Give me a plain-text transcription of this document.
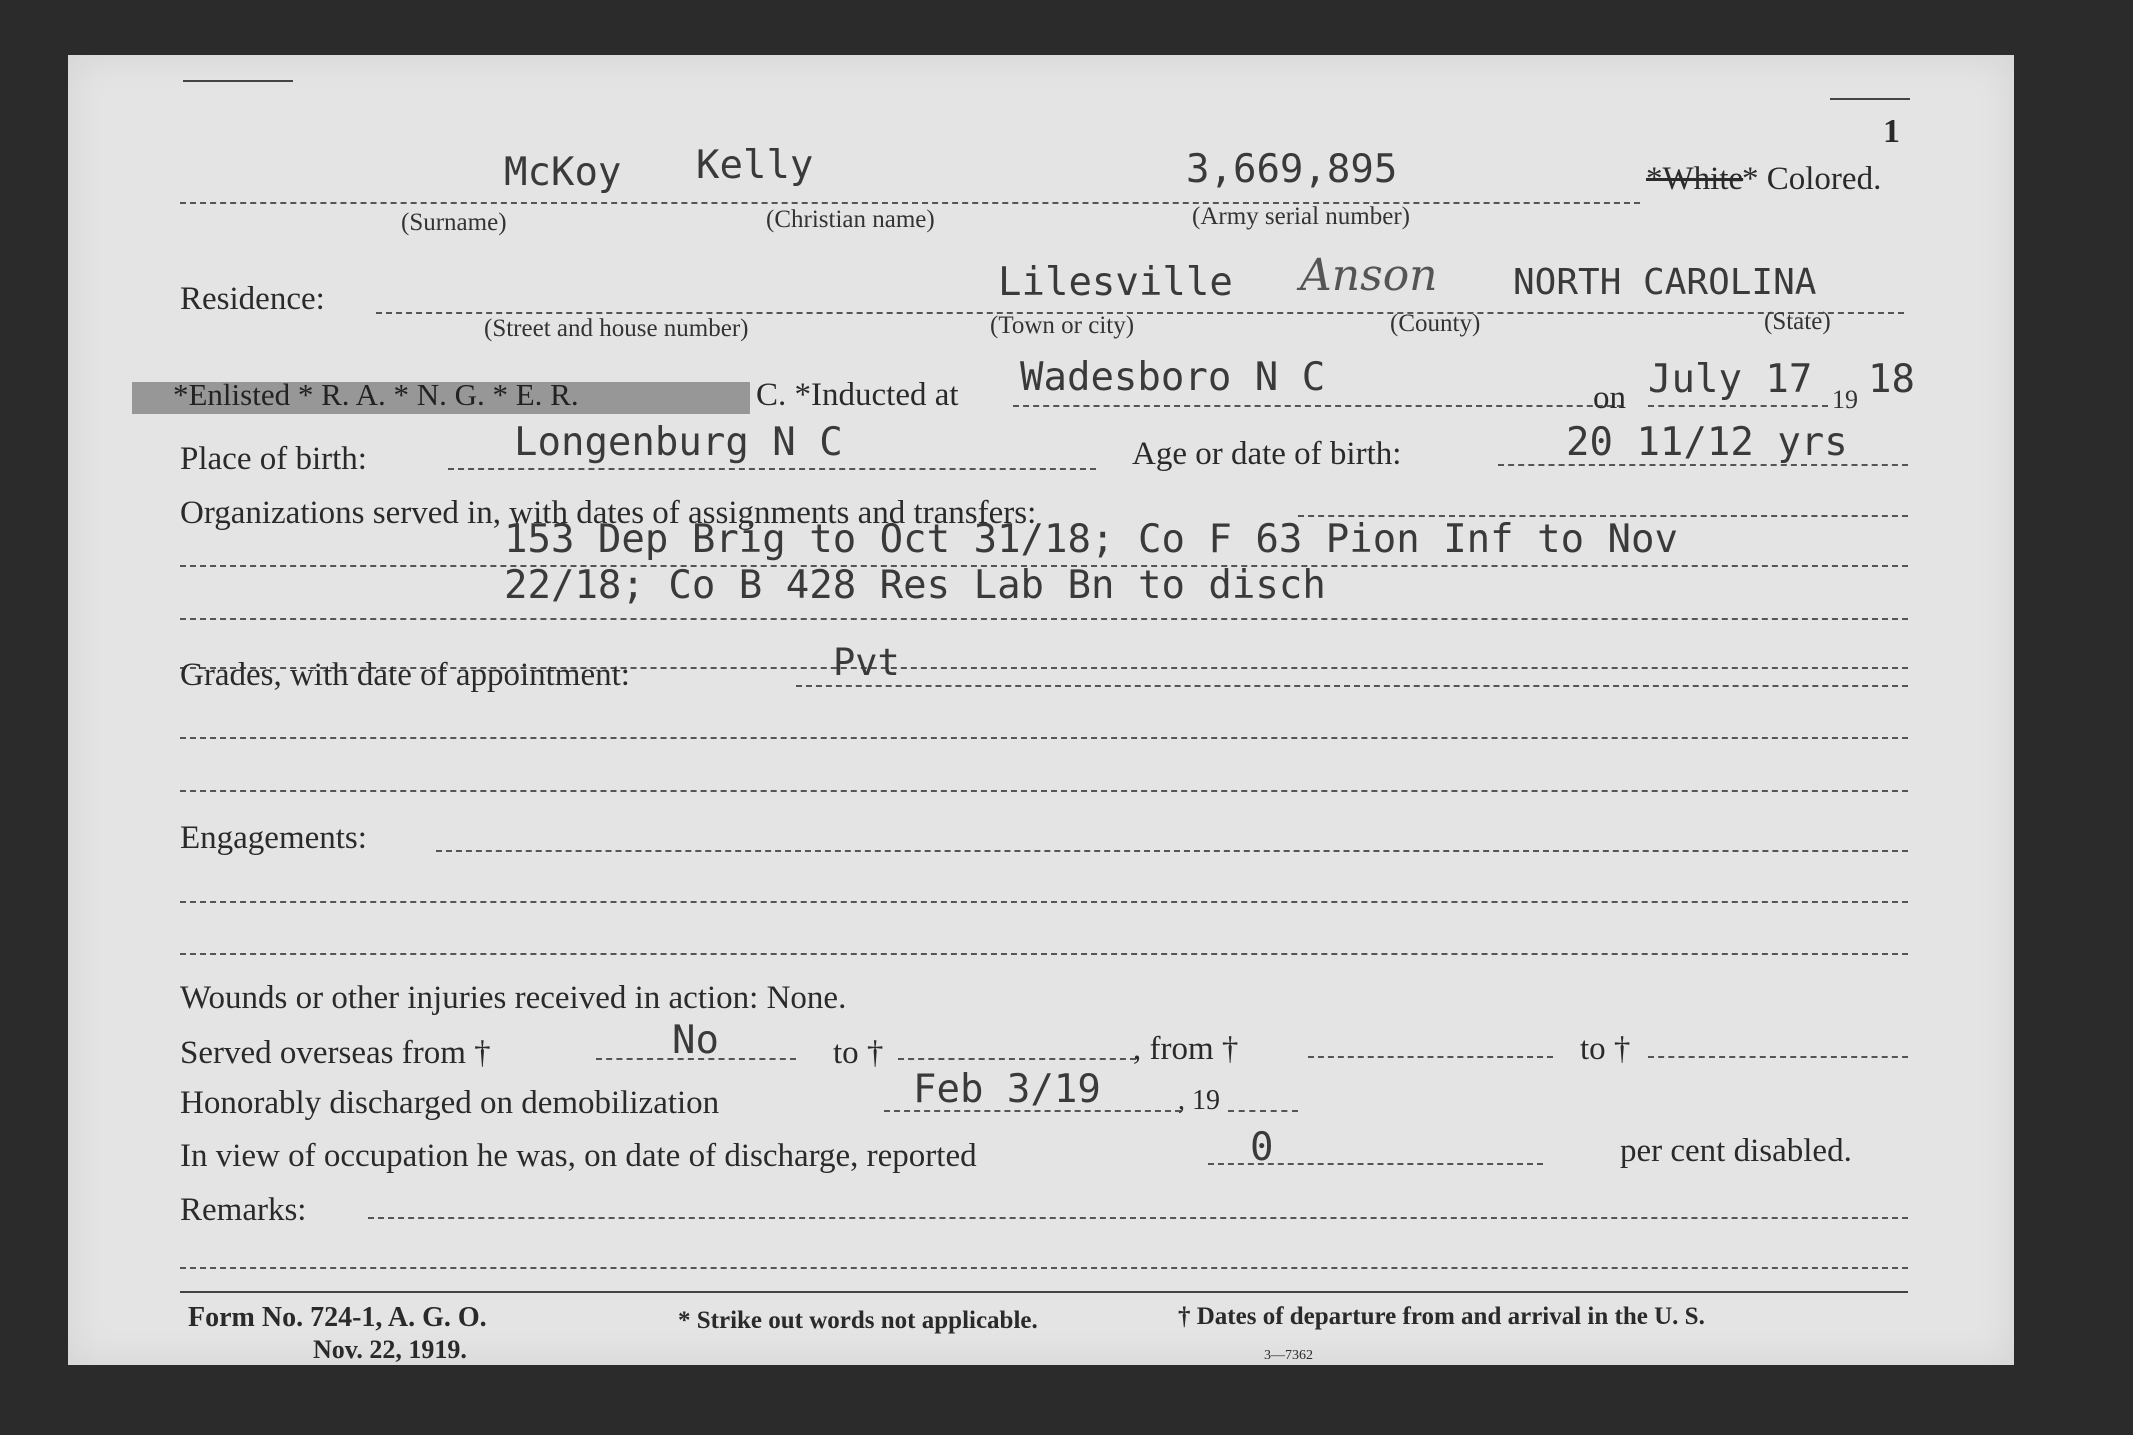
1
McKoy Kelly	3,669,895	*White
* Colored.
(Surname)	(Christian name)	(Army serial number)
Residence:	Lilesville Anson NORTH CAROLINA
(Street and house number)	(Town or city)	(County)	(State)
*Enlisted * R. A. * N. G. * E. R.	C. *Inducted at Wadesboro N C	on July 17 19 18
Place of birth:	Longenburg N C	Age or date of birth:	20 11/12 yrs
Organizations served in, with dates of assignments and transfers:
153 Dep Brig to Oct 31/18; Co F 63 Pion Inf to Nov
22/18; Co B 428 Res Lab Bn to disch
Grades, with date of appointment:	Pvt
Engagements:
Wounds or other injuries received in action: None.
Served overseas from †	No	to †	, from †	to †
Honorably discharged on demobilization	Feb 3/19	, 19
In view of occupation he was, on date of discharge, reported	0	per cent disabled.
Remarks:
Form No. 724-1, A. G. O.
Nov. 22, 1919.
* Strike out words not applicable.	† Dates of departure from and arrival in the U. S.
3—7362
